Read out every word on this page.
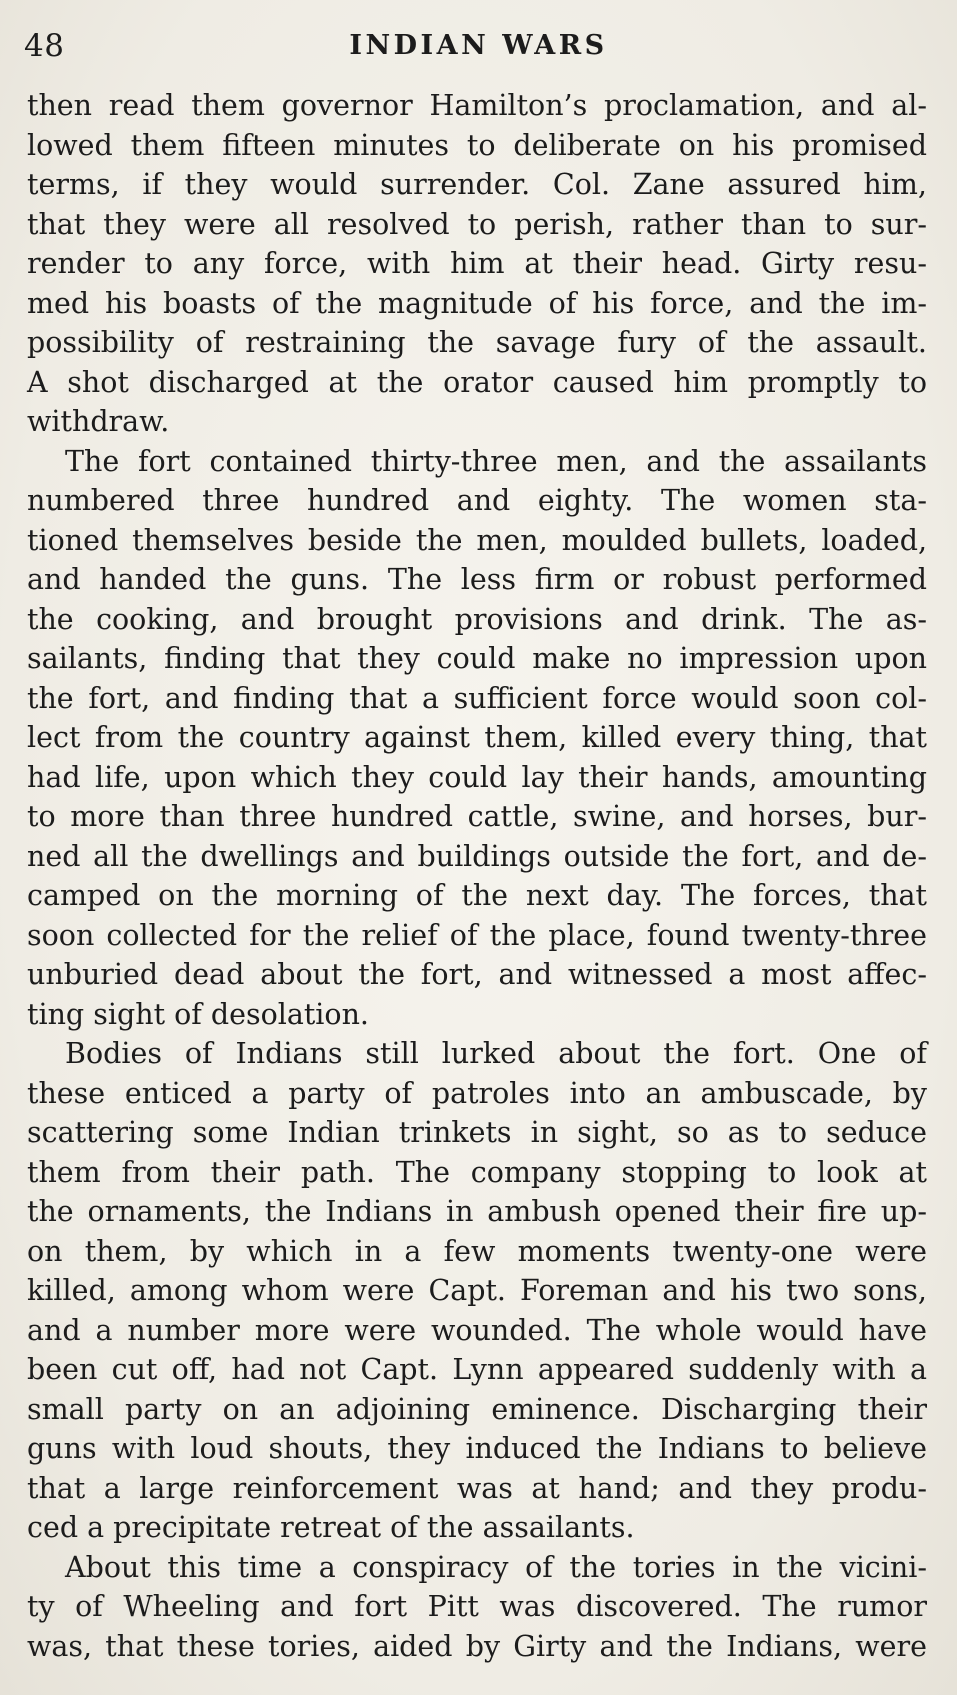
48	INDIAN WARS
then read them governor Hamilton’s proclamation, and al-
lowed them fifteen minutes to deliberate on his promised
terms, if they would surrender. Col. Zane assured him,
that they were all resolved to perish, rather than to sur-
render to any force, with him at their head. Girty resu-
med his boasts of the magnitude of his force, and the im-
possibility of restraining the savage fury of the assault.
A shot discharged at the orator caused him promptly to
withdraw.
The fort contained thirty-three men, and the assailants
numbered three hundred and eighty. The women sta-
tioned themselves beside the men, moulded bullets, loaded,
and handed the guns. The less firm or robust performed
the cooking, and brought provisions and drink. The as-
sailants, finding that they could make no impression upon
the fort, and finding that a sufficient force would soon col-
lect from the country against them, killed every thing, that
had life, upon which they could lay their hands, amounting
to more than three hundred cattle, swine, and horses, bur-
ned all the dwellings and buildings outside the fort, and de-
camped on the morning of the next day. The forces, that
soon collected for the relief of the place, found twenty-three
unburied dead about the fort, and witnessed a most affec-
ting sight of desolation.
Bodies of Indians still lurked about the fort. One of
these enticed a party of patroles into an ambuscade, by
scattering some Indian trinkets in sight, so as to seduce
them from their path. The company stopping to look at
the ornaments, the Indians in ambush opened their fire up-
on them, by which in a few moments twenty-one were
killed, among whom were Capt. Foreman and his two sons,
and a number more were wounded. The whole would have
been cut off, had not Capt. Lynn appeared suddenly with a
small party on an adjoining eminence. Discharging their
guns with loud shouts, they induced the Indians to believe
that a large reinforcement was at hand; and they produ-
ced a precipitate retreat of the assailants.
About this time a conspiracy of the tories in the vicini-
ty of Wheeling and fort Pitt was discovered. The rumor
was, that these tories, aided by Girty and the Indians, were
